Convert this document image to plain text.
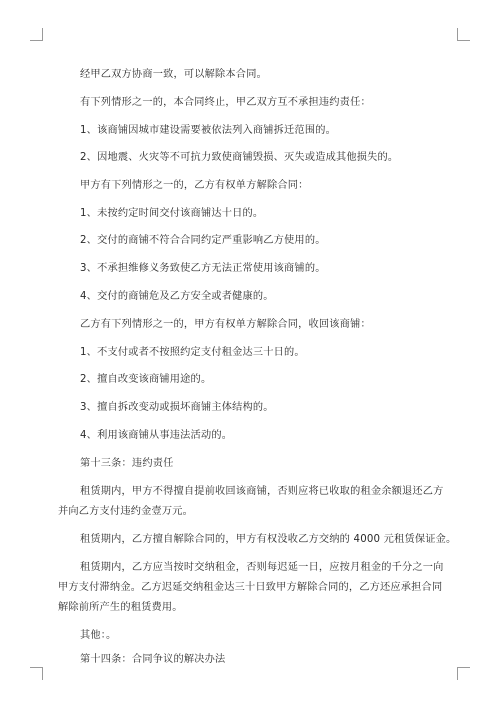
经甲乙双方协商一致，可以解除本合同。
有下列情形之一的，本合同终止，甲乙双方互不承担违约责任：
1、该商铺因城市建设需要被依法列入商铺拆迁范围的。
2、因地震、火灾等不可抗力致使商铺毁损、灭失或造成其他损失的。
甲方有下列情形之一的，乙方有权单方解除合同：
1、未按约定时间交付该商铺达十日的。
2、交付的商铺不符合合同约定严重影响乙方使用的。
3、不承担维修义务致使乙方无法正常使用该商铺的。
4、交付的商铺危及乙方安全或者健康的。
乙方有下列情形之一的，甲方有权单方解除合同，收回该商铺：
1、不支付或者不按照约定支付租金达三十日的。
2、擅自改变该商铺用途的。
3、擅自拆改变动或损坏商铺主体结构的。
4、利用该商铺从事违法活动的。
第十三条：违约责任
租赁期内，甲方不得擅自提前收回该商铺，否则应将已收取的租金余额退还乙方
并向乙方支付违约金壹万元。
租赁期内，乙方擅自解除合同的，甲方有权没收乙方交纳的 4000 元租赁保证金。
租赁期内，乙方应当按时交纳租金，否则每迟延一日，应按月租金的千分之一向
甲方支付滞纳金。乙方迟延交纳租金达三十日致甲方解除合同的，乙方还应承担合同
解除前所产生的租赁费用。
其他：。
第十四条：合同争议的解决办法
